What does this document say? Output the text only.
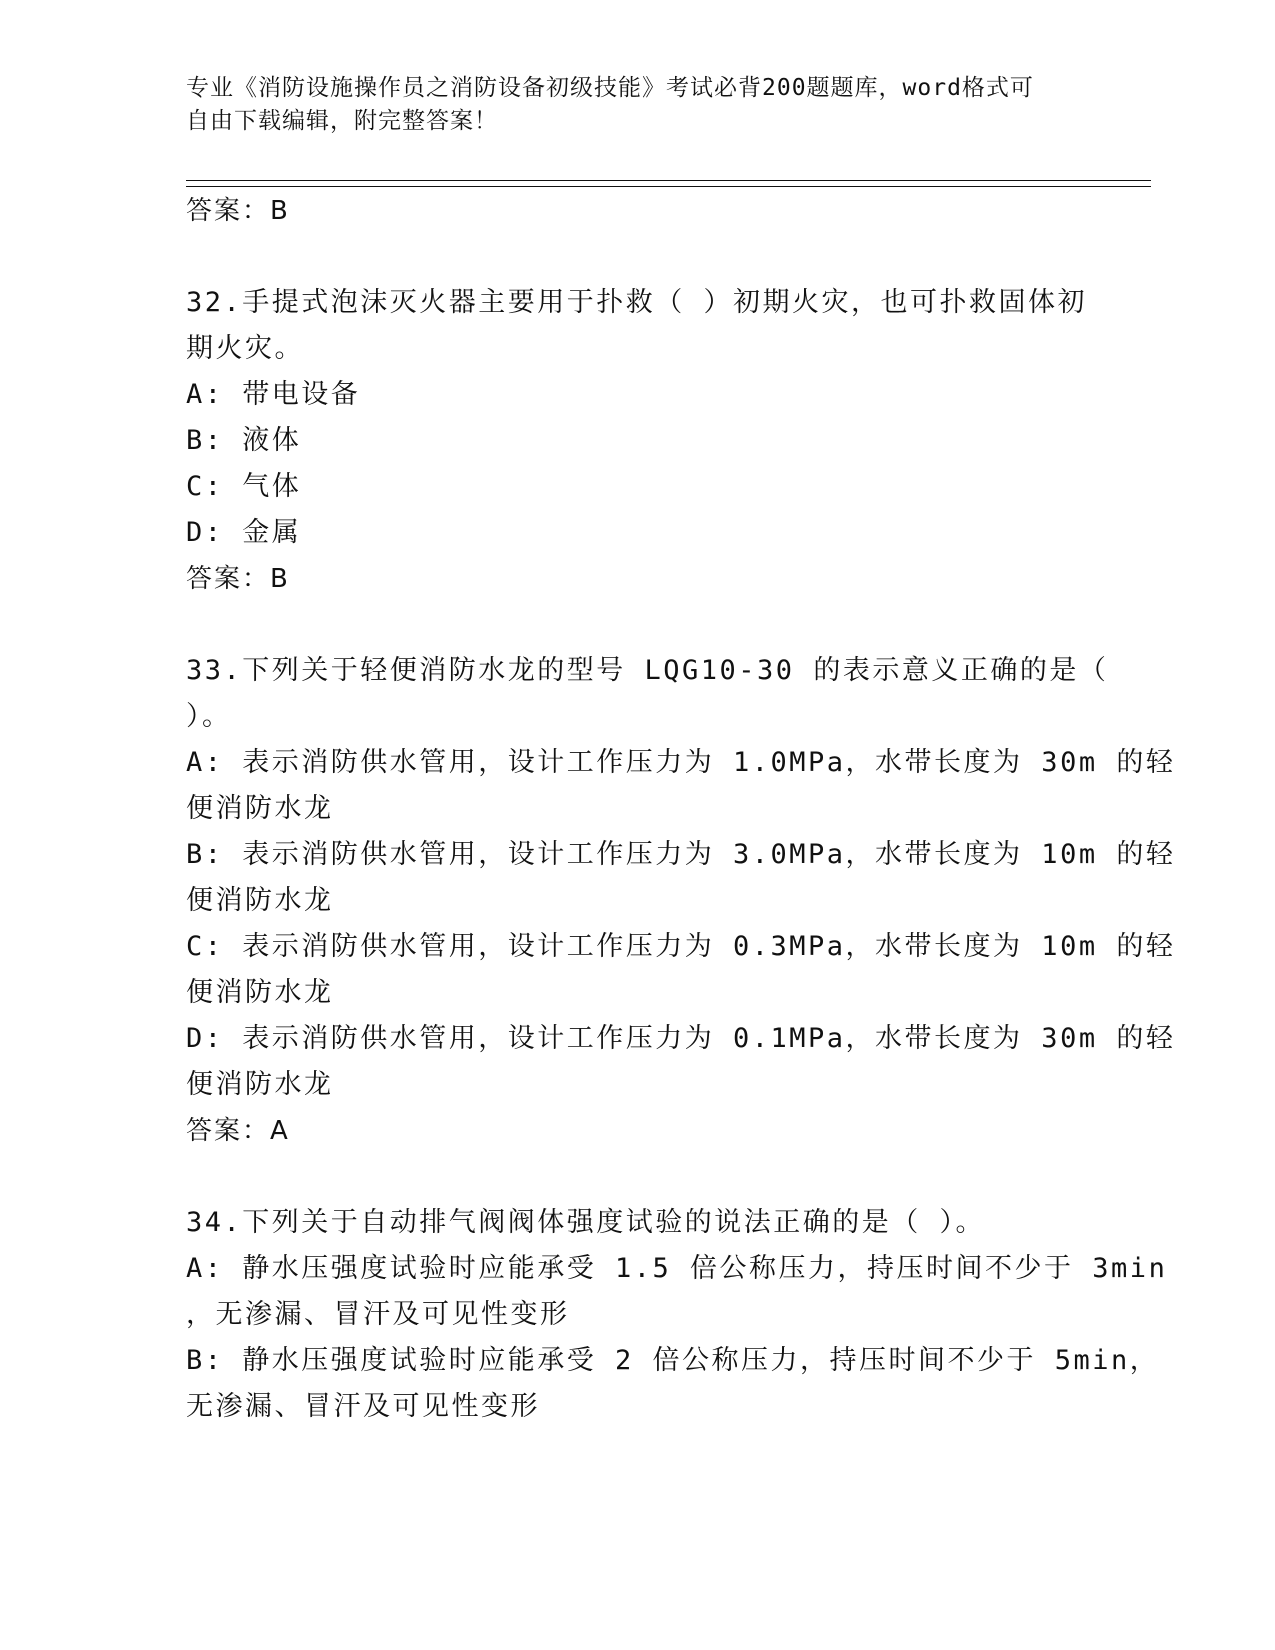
专业《消防设施操作员之消防设备初级技能》考试必背200题题库，word格式可
自由下载编辑，附完整答案！
答案：B
32.手提式泡沫灭火器主要用于扑救（ ）初期火灾，也可扑救固体初
期火灾。
A: 带电设备
B: 液体
C: 气体
D: 金属
答案：B
33.下列关于轻便消防水龙的型号 LQG10-30 的表示意义正确的是（
）。
A: 表示消防供水管用，设计工作压力为 1.0MPa，水带长度为 30m 的轻
便消防水龙
B: 表示消防供水管用，设计工作压力为 3.0MPa，水带长度为 10m 的轻
便消防水龙
C: 表示消防供水管用，设计工作压力为 0.3MPa，水带长度为 10m 的轻
便消防水龙
D: 表示消防供水管用，设计工作压力为 0.1MPa，水带长度为 30m 的轻
便消防水龙
答案：A
34.下列关于自动排气阀阀体强度试验的说法正确的是（ ）。
A: 静水压强度试验时应能承受 1.5 倍公称压力，持压时间不少于 3min
，无渗漏、冒汗及可见性变形
B: 静水压强度试验时应能承受 2 倍公称压力，持压时间不少于 5min，
无渗漏、冒汗及可见性变形
